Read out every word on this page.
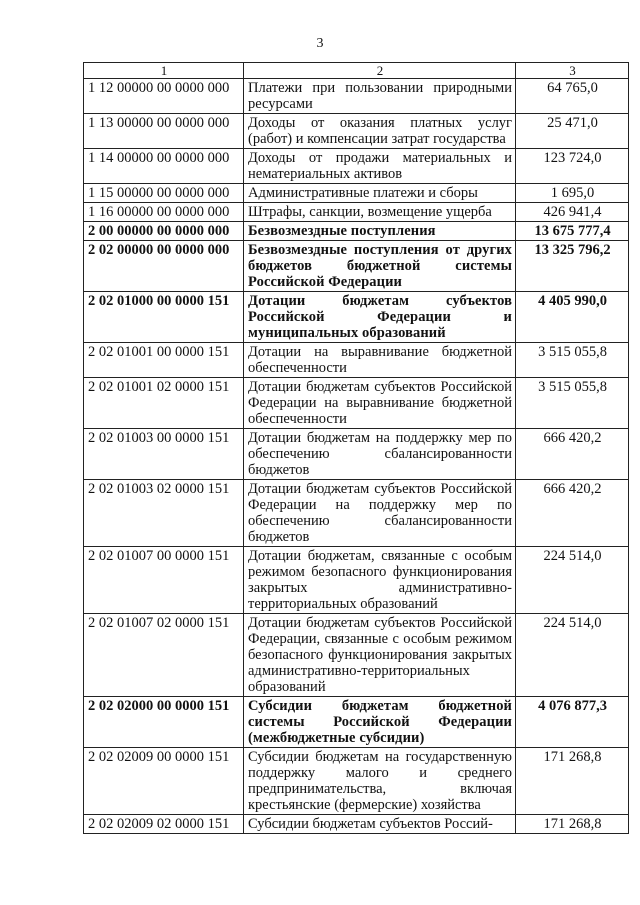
3
1	2	3
1 12 00000 00 0000 000	Платежи при пользовании природными ресурсами	64 765,0
1 13 00000 00 0000 000	Доходы от оказания платных услуг (работ) и компенсации затрат государства	25 471,0
1 14 00000 00 0000 000	Доходы от продажи материальных и нематериальных активов	123 724,0
1 15 00000 00 0000 000	Административные платежи и сборы	1 695,0
1 16 00000 00 0000 000	Штрафы, санкции, возмещение ущерба	426 941,4
2 00 00000 00 0000 000	Безвозмездные поступления	13 675 777,4
2 02 00000 00 0000 000	Безвозмездные поступления от других бюджетов бюджетной системы Российской Федерации	13 325 796,2
2 02 01000 00 0000 151	Дотации бюджетам субъектов Российской Федерации и муниципальных образований	4 405 990,0
2 02 01001 00 0000 151	Дотации на выравнивание бюджетной обеспеченности	3 515 055,8
2 02 01001 02 0000 151	Дотации бюджетам субъектов Российской Федерации на выравнивание бюджетной обеспеченности	3 515 055,8
2 02 01003 00 0000 151	Дотации бюджетам на поддержку мер по обеспечению сбалансированности бюджетов	666 420,2
2 02 01003 02 0000 151	Дотации бюджетам субъектов Российской Федерации на поддержку мер по обеспечению сбалансированности бюджетов	666 420,2
2 02 01007 00 0000 151	Дотации бюджетам, связанные с особым режимом безопасного функционирования закрытых административно-территориальных образований	224 514,0
2 02 01007 02 0000 151	Дотации бюджетам субъектов Российской Федерации, связанные с особым режимом безопасного функционирования закрытых административно-территориальных образований	224 514,0
2 02 02000 00 0000 151	Субсидии бюджетам бюджетной системы Российской Федерации (межбюджетные субсидии)	4 076 877,3
2 02 02009 00 0000 151	Субсидии бюджетам на государственную поддержку малого и среднего предпринимательства, включая крестьянские (фермерские) хозяйства	171 268,8
2 02 02009 02 0000 151	Субсидии бюджетам субъектов Россий-	171 268,8
